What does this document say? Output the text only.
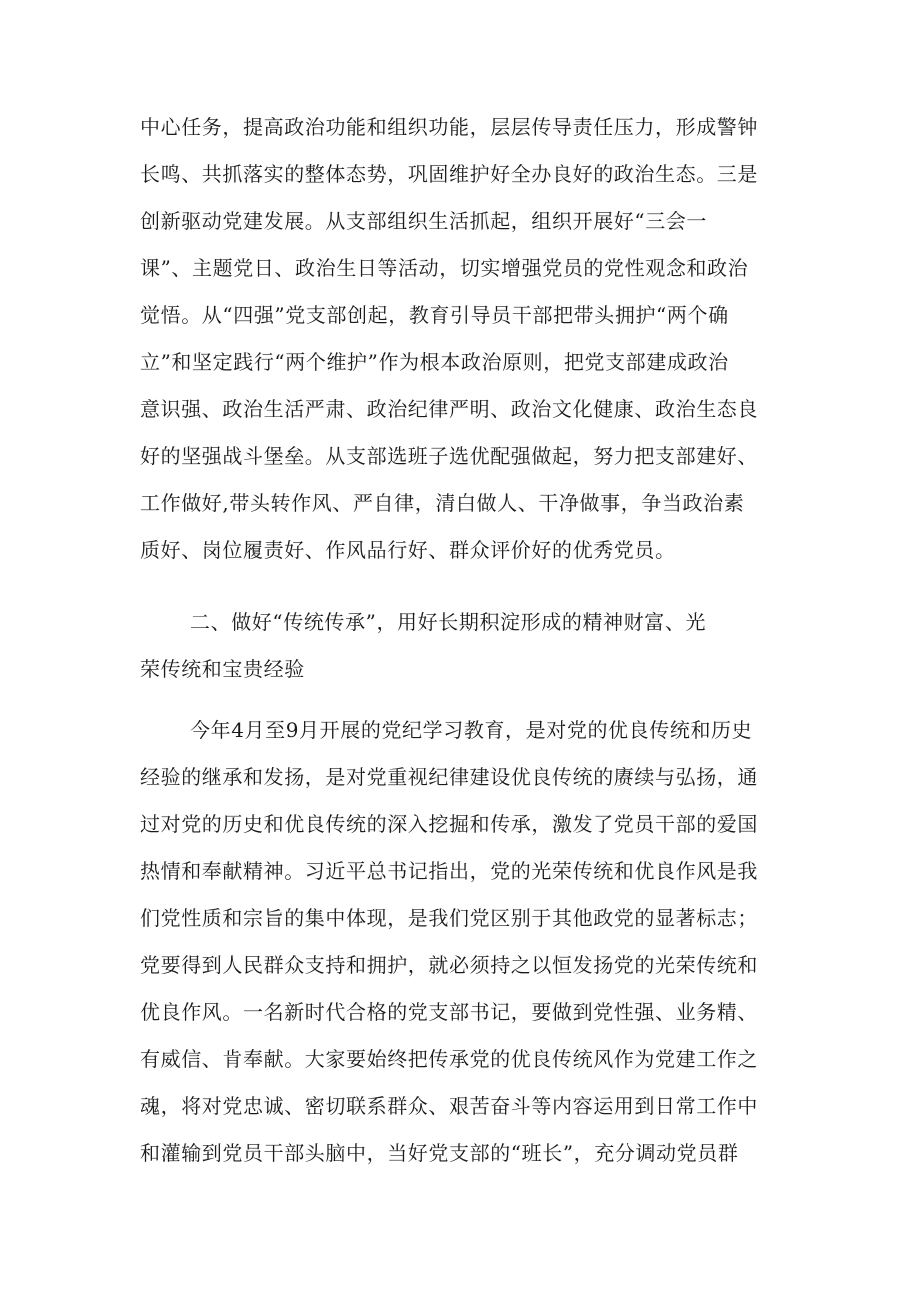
中心任务，提高政治功能和组织功能，层层传导责任压力，形成警钟
长鸣、共抓落实的整体态势，巩固维护好全办良好的政治生态。三是
创新驱动党建发展。从支部组织生活抓起，组织开展好“三会一
课”、主题党日、政治生日等活动，切实增强党员的党性观念和政治
觉悟。从“四强”党支部创起，教育引导员干部把带头拥护“两个确
立”和坚定践行“两个维护”作为根本政治原则，把党支部建成政治
意识强、政治生活严肃、政治纪律严明、政治文化健康、政治生态良
好的坚强战斗堡垒。从支部选班子选优配强做起，努力把支部建好、
工作做好,带头转作风、严自律，清白做人、干净做事，争当政治素
质好、岗位履责好、作风品行好、群众评价好的优秀党员。
二、做好“传统传承”，用好长期积淀形成的精神财富、光
荣传统和宝贵经验
今年4月至9月开展的党纪学习教育，是对党的优良传统和历史
经验的继承和发扬，是对党重视纪律建设优良传统的赓续与弘扬，通
过对党的历史和优良传统的深入挖掘和传承，激发了党员干部的爱国
热情和奉献精神。习近平总书记指出，党的光荣传统和优良作风是我
们党性质和宗旨的集中体现，是我们党区别于其他政党的显著标志；
党要得到人民群众支持和拥护，就必须持之以恒发扬党的光荣传统和
优良作风。一名新时代合格的党支部书记，要做到党性强、业务精、
有威信、肯奉献。大家要始终把传承党的优良传统风作为党建工作之
魂，将对党忠诚、密切联系群众、艰苦奋斗等内容运用到日常工作中
和灌输到党员干部头脑中，当好党支部的“班长”，充分调动党员群
